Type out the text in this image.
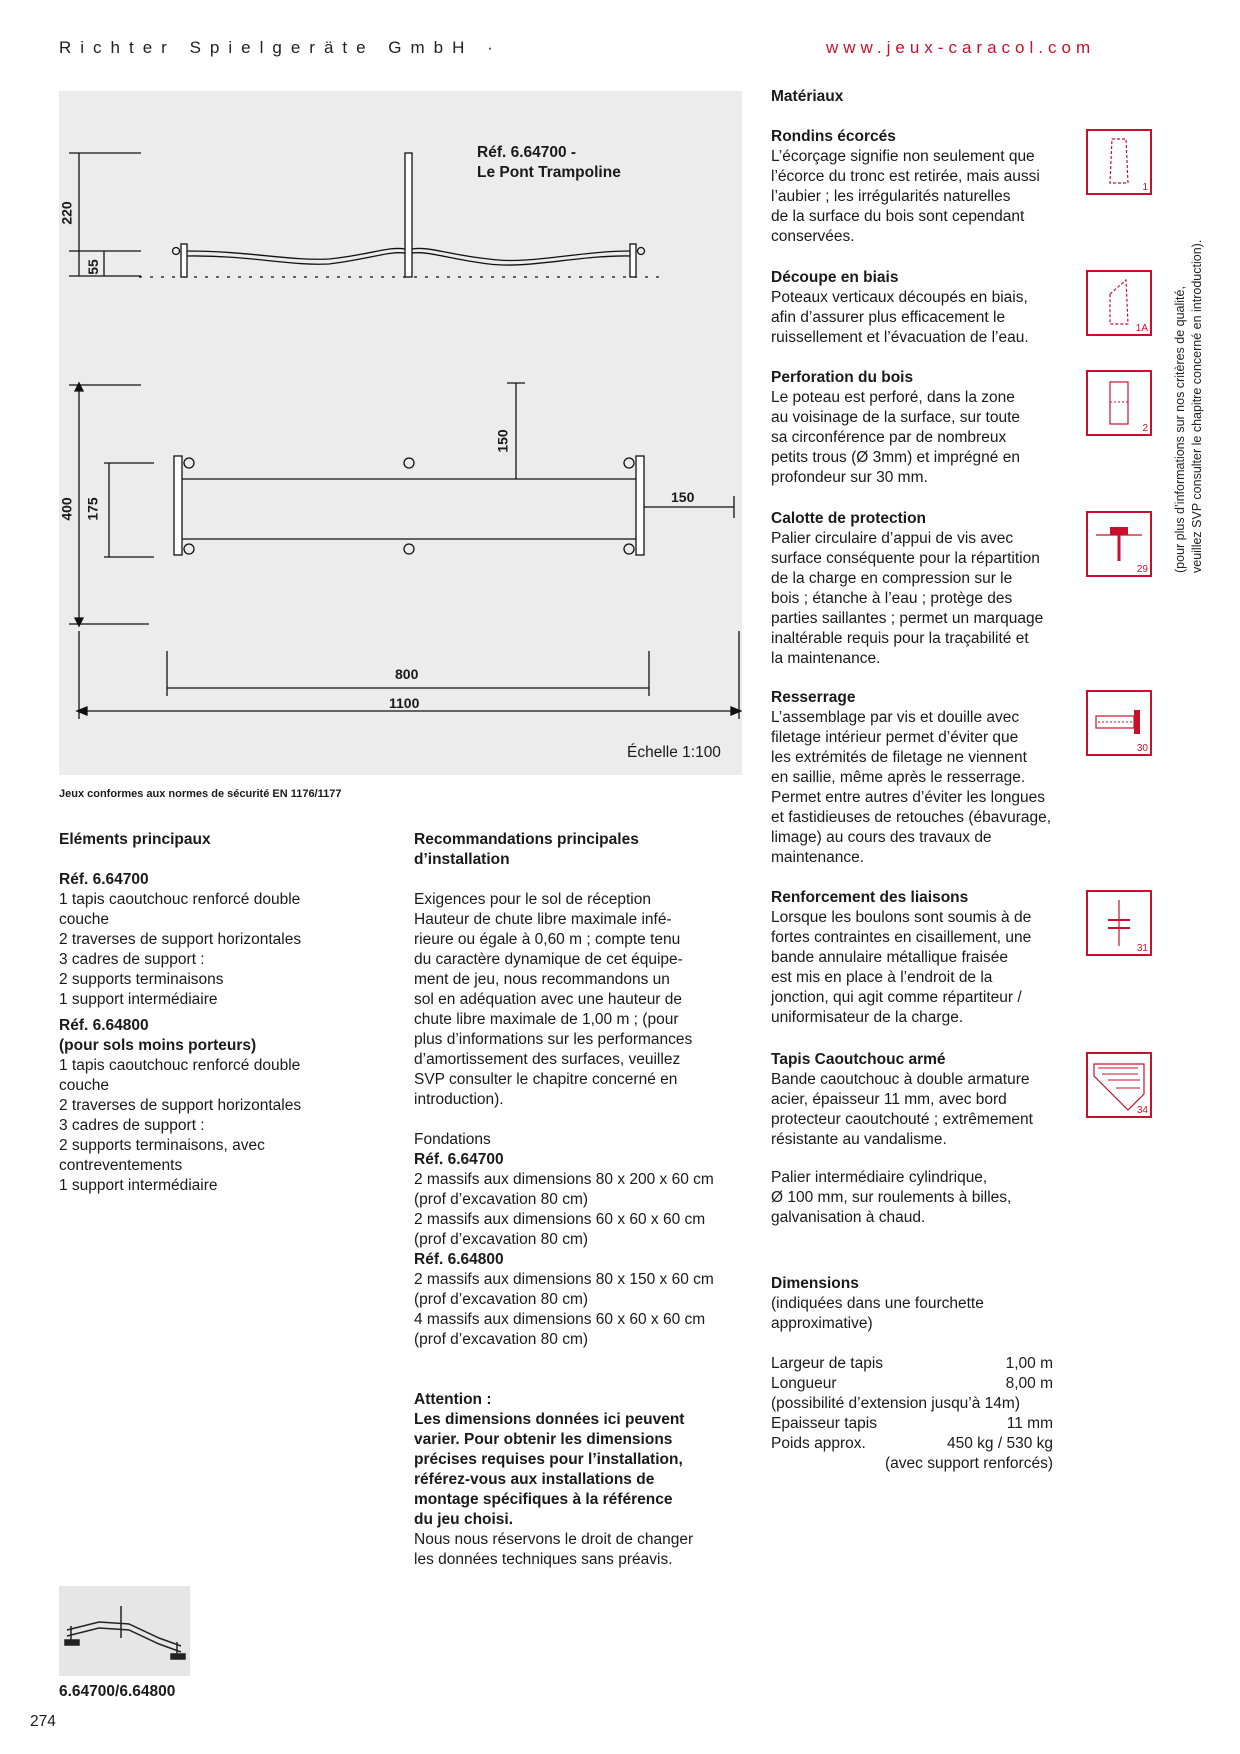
Richter Spielgeräte GmbH ·	www.jeux-caracol.com
Réf. 6.64700 -
Le Pont Trampoline
220
55
400 175
150
150
800
1100
Échelle 1:100
Jeux conformes aux normes de sécurité EN 1176/1177
Eléments principaux
Réf. 6.64700
1 tapis caoutchouc renforcé double
couche
2 traverses de support horizontales
3 cadres de support :
2 supports terminaisons
1 support intermédiaire
Réf. 6.64800
(pour sols moins porteurs)
1 tapis caoutchouc renforcé double
couche
2 traverses de support horizontales
3 cadres de support :
2 supports terminaisons, avec
contreventements
1 support intermédiaire
Recommandations principales
d’installation
Exigences pour le sol de réception
Hauteur de chute libre maximale infé-
rieure ou égale à 0,60 m ; compte tenu
du caractère dynamique de cet équipe-
ment de jeu, nous recommandons un
sol en adéquation avec une hauteur de
chute libre maximale de 1,00 m ; (pour
plus d’informations sur les performances
d’amortissement des surfaces, veuillez
SVP consulter le chapitre concerné en
introduction).
Fondations
Réf. 6.64700
2 massifs aux dimensions 80 x 200 x 60 cm
(prof d’excavation 80 cm)
2 massifs aux dimensions 60 x 60 x 60 cm
(prof d’excavation 80 cm)
Réf. 6.64800
2 massifs aux dimensions 80 x 150 x 60 cm
(prof d’excavation 80 cm)
4 massifs aux dimensions 60 x 60 x 60 cm
(prof d’excavation 80 cm)
Attention :
Les dimensions données ici peuvent
varier. Pour obtenir les dimensions
précises requises pour l’installation,
référez-vous aux installations de
montage spécifiques à la référence
du jeu choisi.
Nous nous réservons le droit de changer
les données techniques sans préavis.
Matériaux

Rondins écorcés

L’écorçage signifie non seulement que
l’écorce du tronc est retirée, mais aussi
l’aubier ; les irrégularités naturelles
de la surface du bois sont cependant
conservées.

1

Découpe en biais

Poteaux verticaux découpés en biais,
afin d’assurer plus efficacement le
ruissellement et l’évacuation de l’eau.

1A

Perforation du bois

Le poteau est perforé, dans la zone
au voisinage de la surface, sur toute
sa circonférence par de nombreux
petits trous (Ø 3mm) et imprégné en
profondeur sur 30 mm.

2

Calotte de protection

Palier circulaire d’appui de vis avec
surface conséquente pour la répartition
de la charge en compression sur le
bois ; étanche à l’eau ; protège des
parties saillantes ; permet un marquage
inaltérable requis pour la traçabilité et
la maintenance.

29

Resserrage

L’assemblage par vis et douille avec
filetage intérieur permet d’éviter que
les extrémités de filetage ne viennent
en saillie, même après le resserrage.
Permet entre autres d’éviter les longues
et fastidieuses de retouches (ébavurage,
limage) au cours des travaux de
maintenance.

30

Renforcement des liaisons

Lorsque les boulons sont soumis à de
fortes contraintes en cisaillement, une
bande annulaire métallique fraisée
est mis en place à l’endroit de la
jonction, qui agit comme répartiteur /
uniformisateur de la charge.

31

Tapis Caoutchouc armé

Bande caoutchouc à double armature
acier, épaisseur 11 mm, avec bord
protecteur caoutchouté ; extrêmement
résistante au vandalisme.

34
Palier intermédiaire cylindrique,
Ø 100 mm, sur roulements à billes,
galvanisation à chaud.
Dimensions
(indiquées dans une fourchette
approximative)
Largeur de tapis	1,00 m
Longueur	8,00 m
(possibilité d’extension jusqu’à 14m)
Epaisseur tapis	11 mm
Poids approx.	450 kg / 530 kg
(avec support renforcés)
(pour plus d’informations sur nos critères de qualité, veuillez SVP consulter le chapitre concerné en introduction).
6.64700/6.64800
274
